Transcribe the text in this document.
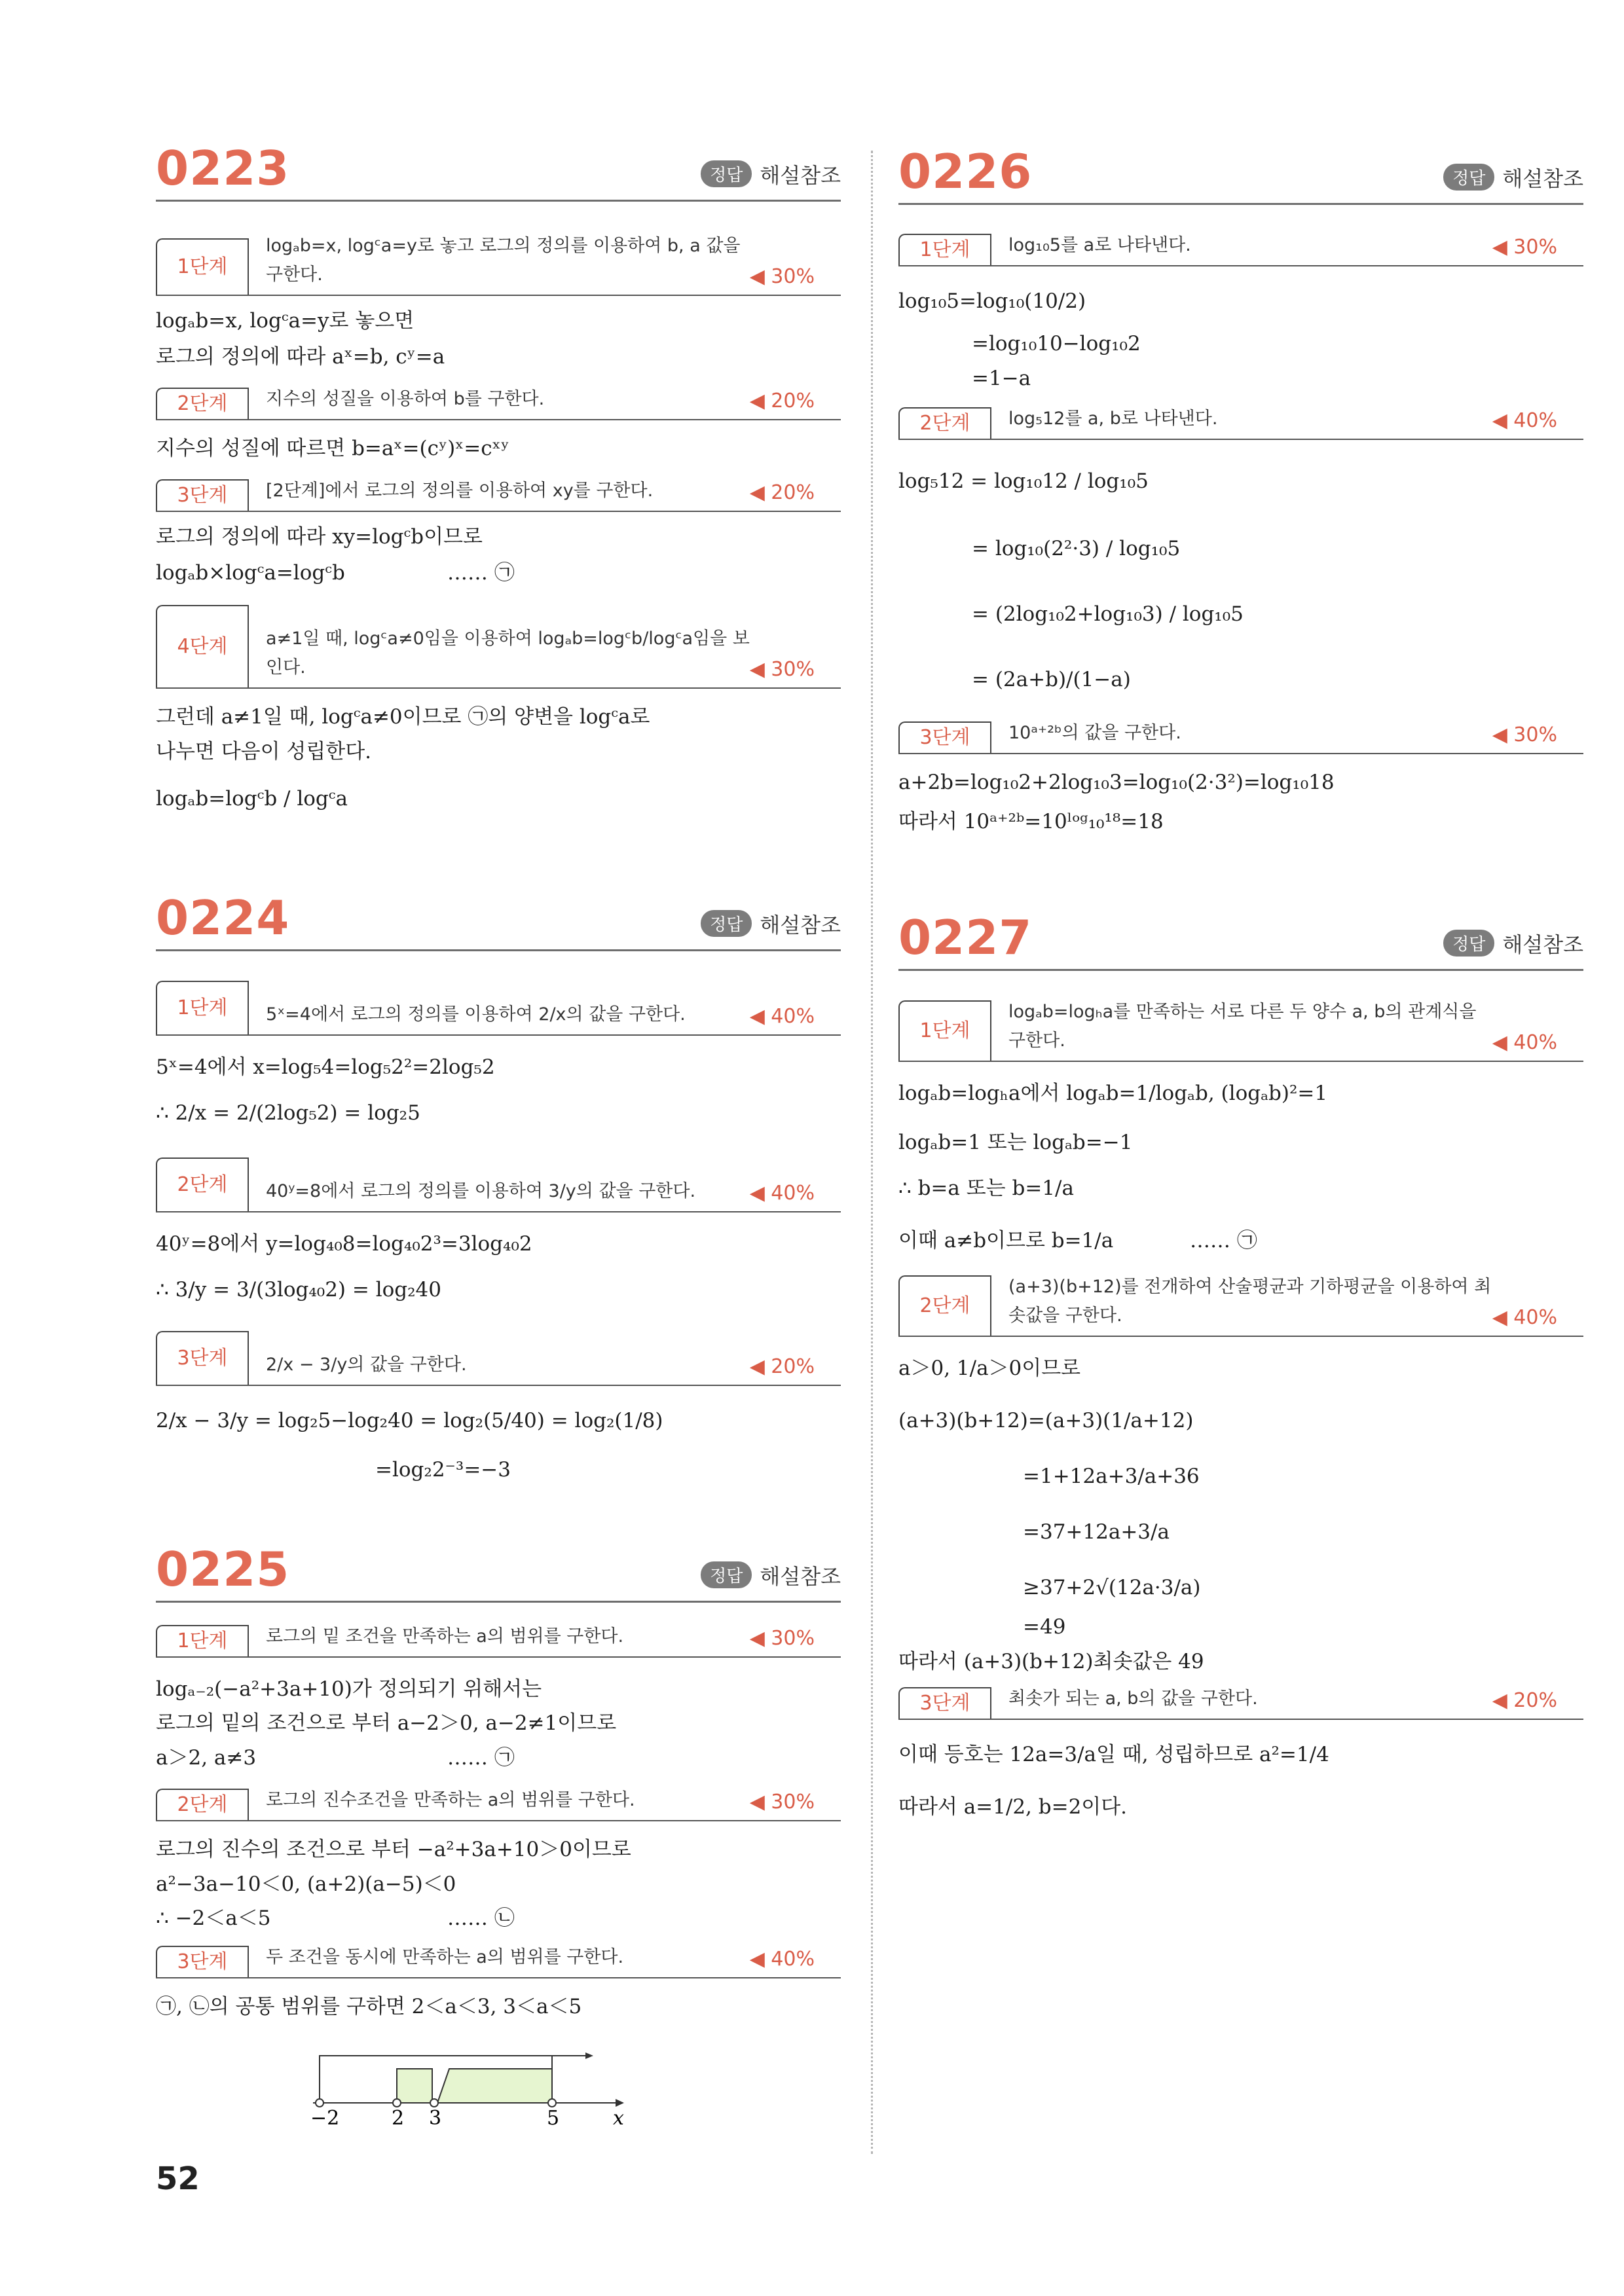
0223	정답 해설참조
1단계
logₐb=x, logᶜa=y로 놓고 로그의 정의를 이용하여 b, a 값을 구한다.	◀ 30%
logₐb=x, logᶜa=y로 놓으면
로그의 정의에 따라 aˣ=b, cʸ=a
2단계	지수의 성질을 이용하여 b를 구한다.	◀ 20%
지수의 성질에 따르면 b=aˣ=(cʸ)ˣ=cˣʸ
3단계	[2단계]에서 로그의 정의를 이용하여 xy를 구한다.	◀ 20%
로그의 정의에 따라 xy=logᶜb이므로
logₐb×logᶜa=logᶜb	…… ㉠
4단계	a≠1일 때, logᶜa≠0임을 이용하여 logₐb=logᶜb/logᶜa임을 보인다.	◀ 30%
그런데 a≠1일 때, logᶜa≠0이므로 ㉠의 양변을 logᶜa로
나누면 다음이 성립한다.
logₐb=logᶜb / logᶜa
0224	정답 해설참조
1단계	5ˣ=4에서 로그의 정의를 이용하여 2/x의 값을 구한다.	◀ 40%
5ˣ=4에서 x=log₅4=log₅2²=2log₅2
∴ 2/x = 2/(2log₅2) = log₂5
2단계	40ʸ=8에서 로그의 정의를 이용하여 3/y의 값을 구한다.	◀ 40%
40ʸ=8에서 y=log₄₀8=log₄₀2³=3log₄₀2
∴ 3/y = 3/(3log₄₀2) = log₂40
3단계	2/x − 3/y의 값을 구한다.	◀ 20%
2/x − 3/y = log₂5−log₂40 = log₂(5/40) = log₂(1/8)
=log₂2⁻³=−3
0225	정답 해설참조
1단계	로그의 밑 조건을 만족하는 a의 범위를 구한다.	◀ 30%
logₐ₋₂(−a²+3a+10)가 정의되기 위해서는
로그의 밑의 조건으로 부터 a−2＞0, a−2≠1이므로
a＞2, a≠3	…… ㉠
2단계	로그의 진수조건을 만족하는 a의 범위를 구한다.	◀ 30%
로그의 진수의 조건으로 부터 −a²+3a+10＞0이므로
a²−3a−10＜0, (a+2)(a−5)＜0
∴ −2＜a＜5	…… ㉡
3단계	두 조건을 동시에 만족하는 a의 범위를 구한다.	◀ 40%
㉠, ㉡의 공통 범위를 구하면 2＜a＜3, 3＜a＜5
−2	2 3	5	x
0226	정답 해설참조
1단계	log₁₀5를 a로 나타낸다.	◀ 30%
log₁₀5=log₁₀(10/2)
=log₁₀10−log₁₀2
=1−a
2단계	log₅12를 a, b로 나타낸다.	◀ 40%
log₅12 = log₁₀12 / log₁₀5
= log₁₀(2²·3) / log₁₀5
= (2log₁₀2+log₁₀3) / log₁₀5
= (2a+b)/(1−a)
3단계	10ᵃ⁺²ᵇ의 값을 구한다.	◀ 30%
a+2b=log₁₀2+2log₁₀3=log₁₀(2·3²)=log₁₀18
따라서 10ᵃ⁺²ᵇ=10ˡᵒᵍ₁₀¹⁸=18
0227	정답 해설참조
1단계
logₐb=logₕa를 만족하는 서로 다른 두 양수 a, b의 관계식을 구한다.	◀ 40%
logₐb=logₕa에서 logₐb=1/logₐb, (logₐb)²=1
logₐb=1 또는 logₐb=−1
∴ b=a 또는 b=1/a
이때 a≠b이므로 b=1/a	…… ㉠
2단계
(a+3)(b+12)를 전개하여 산술평균과 기하평균을 이용하여 최솟값을 구한다.	◀ 40%
a＞0, 1/a＞0이므로
(a+3)(b+12)=(a+3)(1/a+12)
=1+12a+3/a+36
=37+12a+3/a
≥37+2√(12a·3/a)
=49
따라서 (a+3)(b+12)최솟값은 49
3단계	최솟가 되는 a, b의 값을 구한다.	◀ 20%
이때 등호는 12a=3/a일 때, 성립하므로 a²=1/4
따라서 a=1/2, b=2이다.
52
